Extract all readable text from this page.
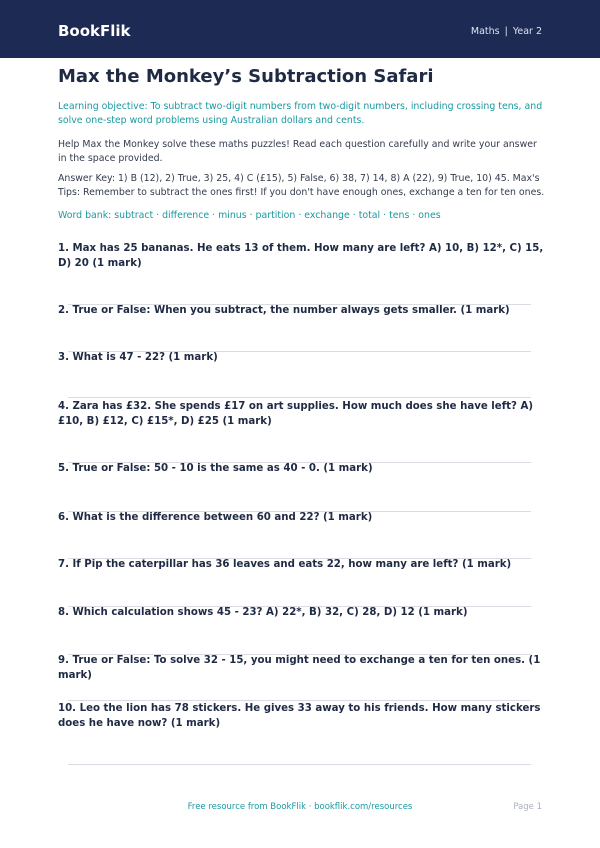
BookFlik	Maths | Year 2
Max the Monkey’s Subtraction Safari
Learning objective: To subtract two-digit numbers from two-digit numbers, including crossing tens, and solve one-step word problems using Australian dollars and cents.
Help Max the Monkey solve these maths puzzles! Read each question carefully and write your answer in the space provided.
Answer Key: 1) B (12), 2) True, 3) 25, 4) C (£15), 5) False, 6) 38, 7) 14, 8) A (22), 9) True, 10) 45. Max's Tips: Remember to subtract the ones first! If you don't have enough ones, exchange a ten for ten ones.
Word bank: subtract · difference · minus · partition · exchange · total · tens · ones
1. Max has 25 bananas. He eats 13 of them. How many are left? A) 10, B) 12*, C) 15, D) 20 (1 mark)
2. True or False: When you subtract, the number always gets smaller. (1 mark)
3. What is 47 - 22? (1 mark)
4. Zara has £32. She spends £17 on art supplies. How much does she have left? A) £10, B) £12, C) £15*, D) £25 (1 mark)
5. True or False: 50 - 10 is the same as 40 - 0. (1 mark)
6. What is the difference between 60 and 22? (1 mark)
7. If Pip the caterpillar has 36 leaves and eats 22, how many are left? (1 mark)
8. Which calculation shows 45 - 23? A) 22*, B) 32, C) 28, D) 12 (1 mark)
9. True or False: To solve 32 - 15, you might need to exchange a ten for ten ones. (1 mark)
10. Leo the lion has 78 stickers. He gives 33 away to his friends. How many stickers does he have now? (1 mark)
Free resource from BookFlik · bookflik.com/resources	Page 1
